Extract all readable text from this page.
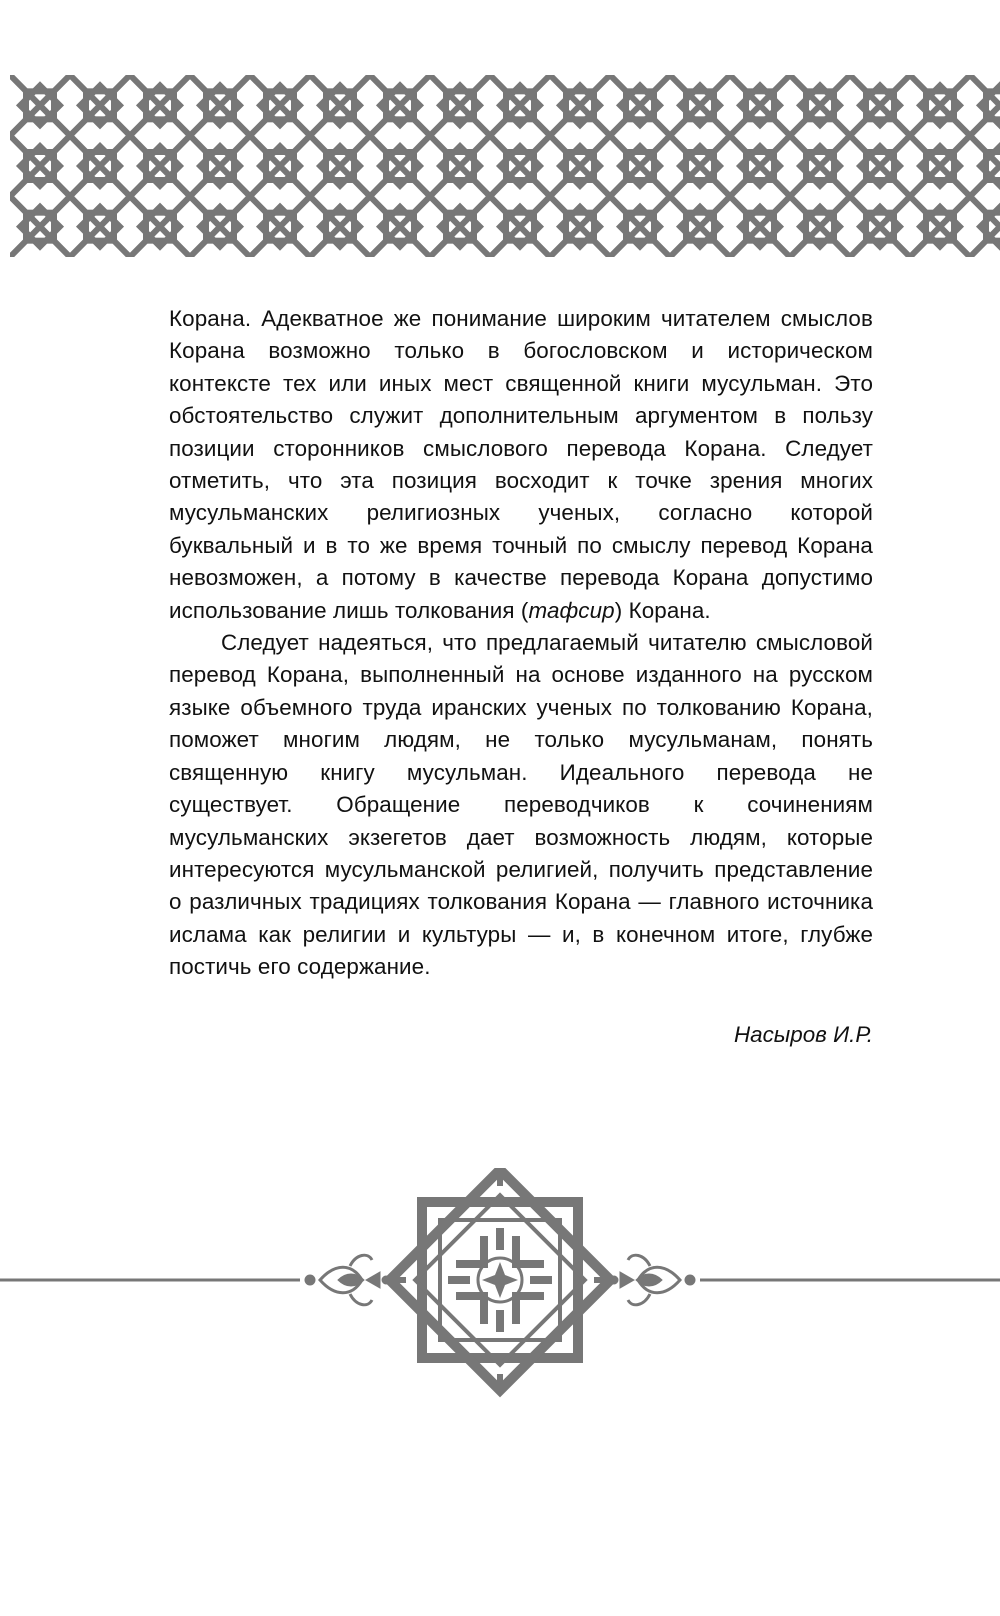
Корана. Адекватное же понимание широким читателем смыслов Корана возможно только в богословском и историческом контексте тех или иных мест священной книги мусульман. Это обстоятельство служит дополнительным аргументом в пользу позиции сторонников смыслового перевода Корана. Следует отметить, что эта позиция восходит к точке зрения многих мусульманских религиозных ученых, согласно которой буквальный и в то же время точный по смыслу перевод Корана невозможен, а потому в качестве перевода Корана допустимо использование лишь толкования (тафсир) Корана.

Следует надеяться, что предлагаемый читателю смысловой перевод Корана, выполненный на основе изданного на русском языке объемного труда иранских ученых по толкованию Корана, поможет многим людям, не только мусульманам, понять священную книгу мусульман. Идеального перевода не существует. Обращение переводчиков к сочинениям мусульманских экзегетов дает возможность людям, которые интересуются мусульманской религией, получить представление о различных традициях толкования Корана — главного источника ислама как религии и культуры — и, в конечном итоге, глубже постичь его содержание.

Насыров И.Р.
